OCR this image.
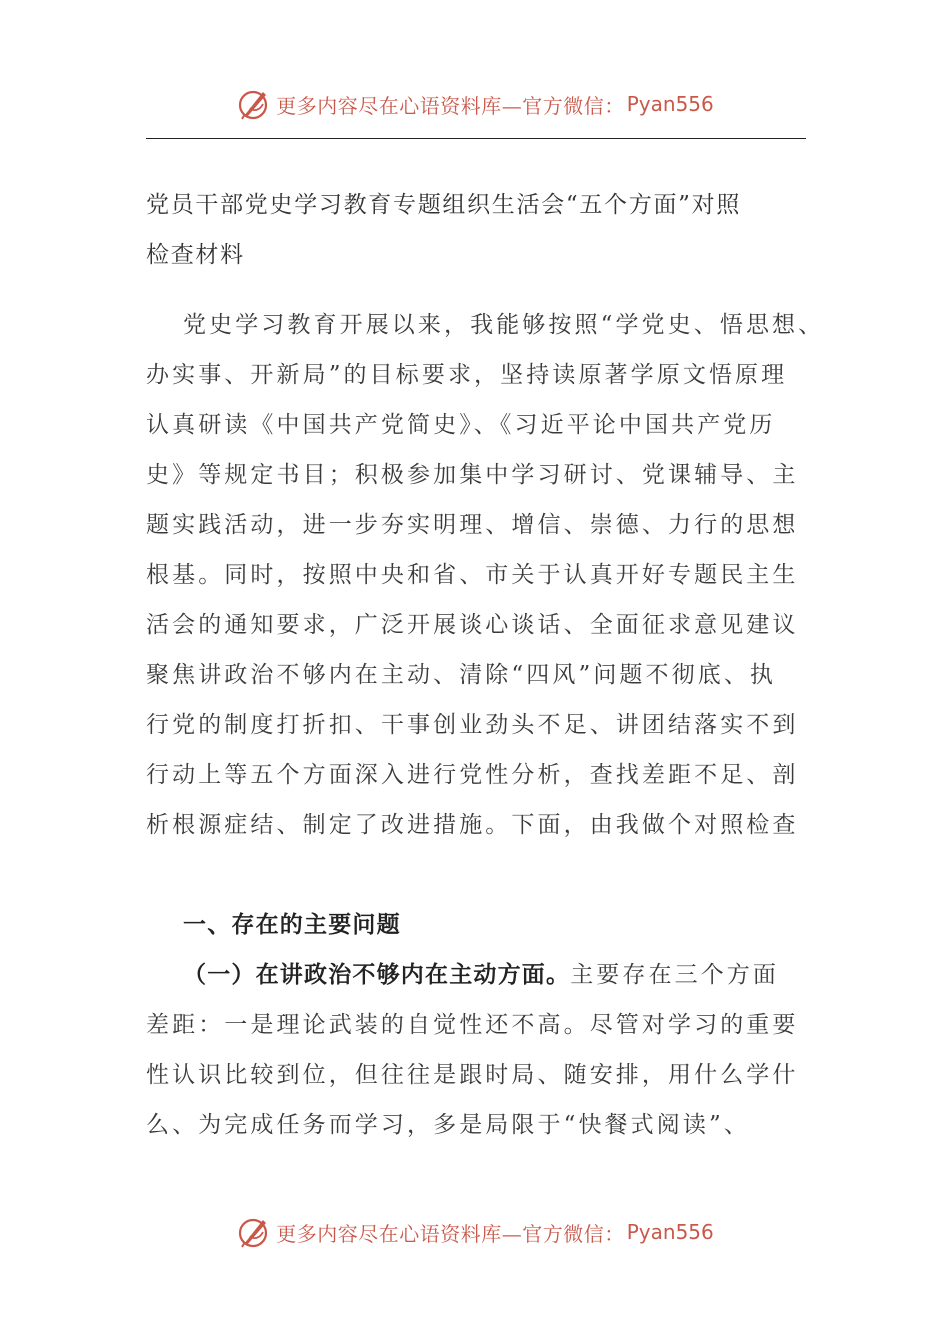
更多内容尽在心语资料库—官方微信： Pyan556
党员干部党史学习教育专题组织生活会“五个方面”对照
检查材料
党史学习教育开展以来，我能够按照“学党史、悟思想、
办实事、开新局”的目标要求，坚持读原著学原文悟原理
认真研读《中国共产党简史》、《习近平论中国共产党历
史》等规定书目；积极参加集中学习研讨、党课辅导、主
题实践活动，进一步夯实明理、增信、崇德、力行的思想
根基。同时，按照中央和省、市关于认真开好专题民主生
活会的通知要求，广泛开展谈心谈话、全面征求意见建议
聚焦讲政治不够内在主动、清除“四风”问题不彻底、执
行党的制度打折扣、干事创业劲头不足、讲团结落实不到
行动上等五个方面深入进行党性分析，查找差距不足、剖
析根源症结、制定了改进措施。下面，由我做个对照检查
一、存在的主要问题
（一）在讲政治不够内在主动方面。主要存在三个方面
差距：一是理论武装的自觉性还不高。尽管对学习的重要
性认识比较到位，但往往是跟时局、随安排，用什么学什
么、为完成任务而学习，多是局限于“快餐式阅读”、
更多内容尽在心语资料库—官方微信： Pyan556
